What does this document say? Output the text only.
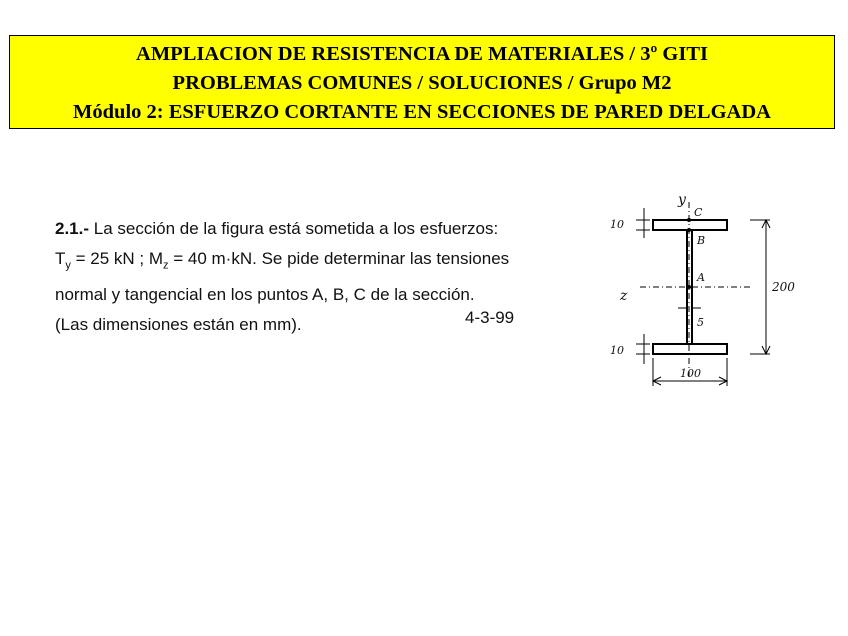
AMPLIACION DE RESISTENCIA DE MATERIALES / 3º GITI
PROBLEMAS COMUNES / SOLUCIONES / Grupo M2
Módulo 2: ESFUERZO CORTANTE EN SECCIONES DE PARED DELGADA
2.1.- La sección de la figura está sometida a los esfuerzos:
$T_y = 25$ kN ; $M_z = 40$ m·kN. Se pide determinar las tensiones
normal y tangencial en los puntos A, B, C de la sección.
(Las dimensiones están en mm).	4-3-99
y
z
C
B
A
10
10
200
100
5
